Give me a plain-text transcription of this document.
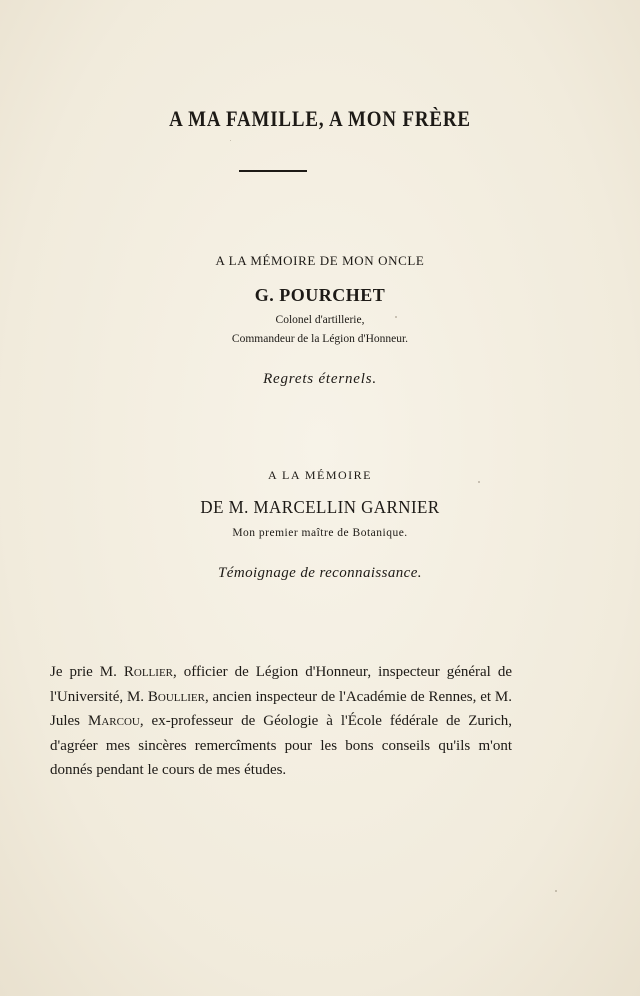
A MA FAMILLE, A MON FRÈRE
A LA MÉMOIRE DE MON ONCLE
G. POURCHET
Colonel d'artillerie,
Commandeur de la Légion d'Honneur.
Regrets éternels.
A LA MÉMOIRE
DE M. MARCELLIN GARNIER
Mon premier maître de Botanique.
Témoignage de reconnaissance.

Je prie M. Rollier, officier de Légion d'Honneur, inspecteur général de l'Université, M. Boullier, ancien inspecteur de l'Académie de Rennes, et M. Jules Marcou, ex-professeur de Géologie à l'École fédérale de Zurich, d'agréer mes sincères remercîments pour les bons conseils qu'ils m'ont donnés pendant le cours de mes études.
